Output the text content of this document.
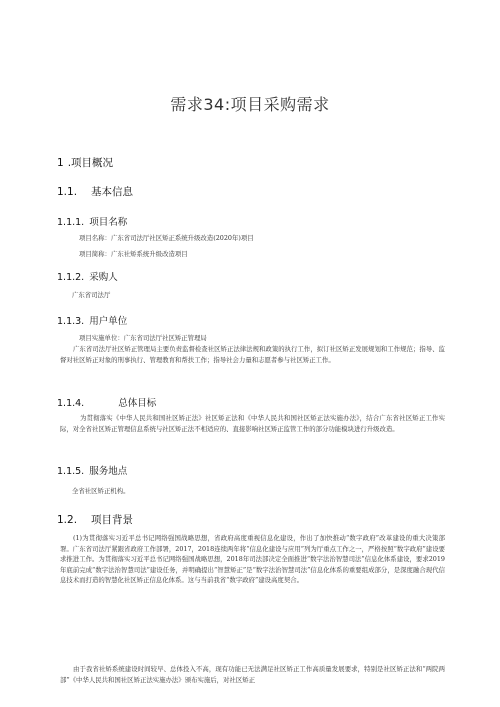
需求34:项目采购需求
1 .项目概况
1.1. 基本信息
1.1.1. 项目名称
项目名称：广东省司法厅社区矫正系统升级改造(2020年)项目
项目简称：广东社矫系统升级改造项目
1.1.2. 采购人
广东省司法厅
1.1.3. 用户单位
项目实施单位：广东省司法厅社区矫正管理局

广东省司法厅社区矫正管理局主要负责监督检查社区矫正法律法规和政策的执行工作，拟订社区矫正发展规划和工作规范；指导、监督对社区矫正对象的刑事执行、管理教育和帮扶工作；指导社会力量和志愿者参与社区矫正工作。

1.1.4.	总体目标

为贯彻落实《中华人民共和国社区矫正法》社区矫正法和《中华人民共和国社区矫正法实施办法》，结合广东省社区矫正工作实际，对全省社区矫正管理信息系统与社区矫正法不相适应的、直接影响社区矫正监管工作的部分功能模块进行升级改造。

1.1.5. 服务地点
全省社区矫正机构。
1.2. 项目背景

(1)为贯彻落实习近平总书记网络强国战略思想，省政府高度重视信息化建设，作出了加快推动“数字政府”改革建设的重大决策部署。广东省司法厅紧跟省政府工作部署，2017，2018连续两年将“信息化建设与应用”列为厅重点工作之一，严格按照“数字政府”建设要求推进工作。为贯彻落实习近平总书记网络强国战略思想，2018年司法部决定全面推进“数字法治智慧司法”信息化体系建设，要求2019年底前完成“数字法治智慧司法”建设任务，并明确提出“智慧矫正”是“数字法治智慧司法”信息化体系的重要组成部分，是深度融合现代信息技术而打造的智慧化社区矫正信息化体系。这与当前我省“数字政府”建设高度契合。

由于我省社矫系统建设时间较早、总体投入不高，现有功能已无法满足社区矫正工作高质量发展要求，特别是社区矫正法和“两院两部”《中华人民共和国社区矫正法实施办法》颁布实施后，对社区矫正
